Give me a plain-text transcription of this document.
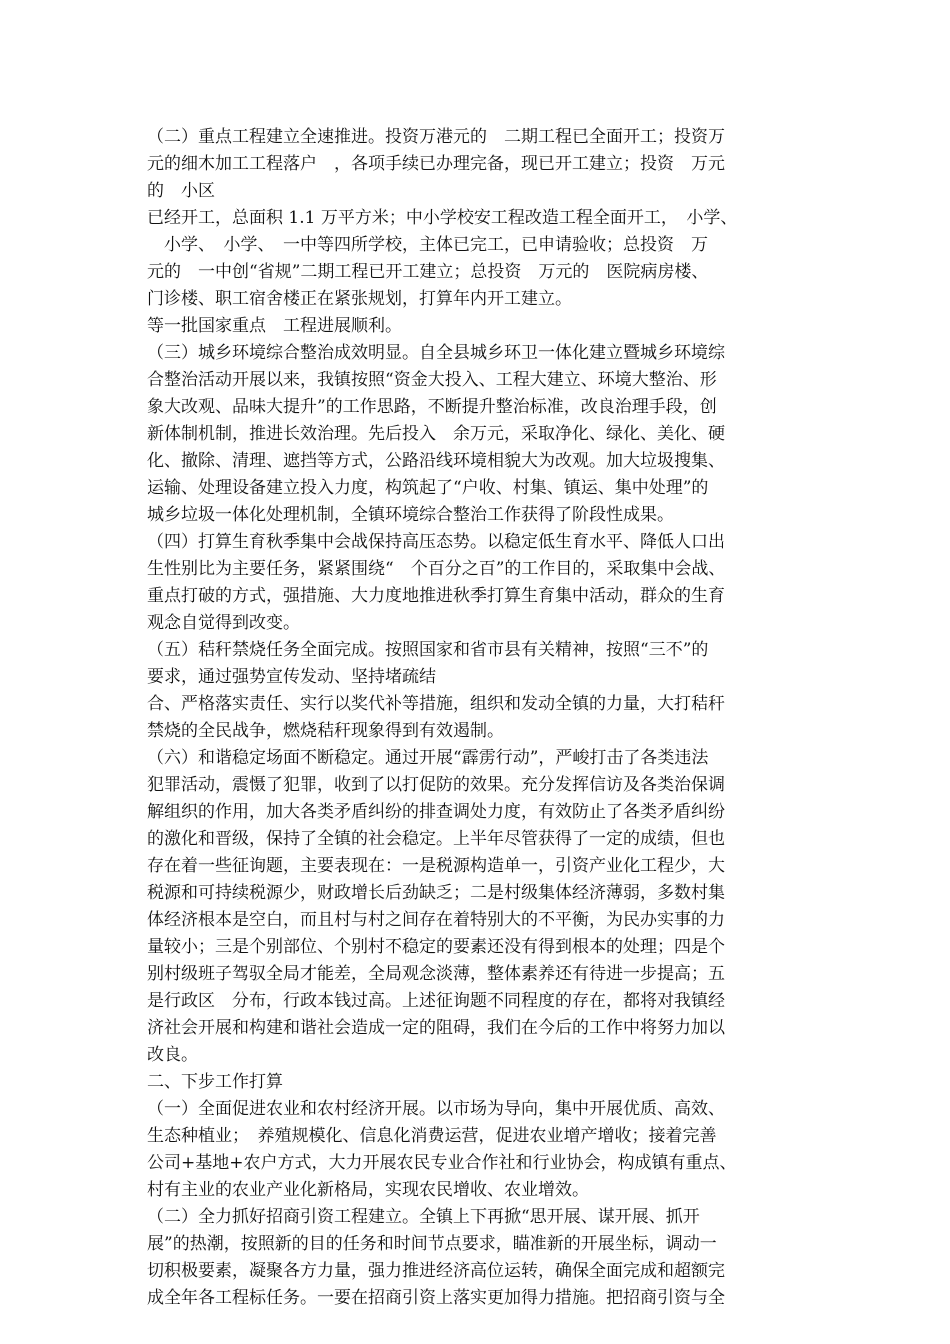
（二）重点工程建立全速推进。投资万港元的　二期工程已全面开工；投资万
元的细木加工工程落户　，各项手续已办理完备，现已开工建立；投资　万元
的　小区
已经开工，总面积 1.1 万平方米；中小学校安工程改造工程全面开工，　小学、
　小学、　小学、　一中等四所学校，主体已完工，已申请验收；总投资　万
元的　一中创“省规”二期工程已开工建立；总投资　万元的　医院病房楼、
门诊楼、职工宿舍楼正在紧张规划，打算年内开工建立。
等一批国家重点　工程进展顺利。
（三）城乡环境综合整治成效明显。自全县城乡环卫一体化建立暨城乡环境综
合整治活动开展以来，我镇按照“资金大投入、工程大建立、环境大整治、形
象大改观、品味大提升”的工作思路，不断提升整治标准，改良治理手段，创
新体制机制，推进长效治理。先后投入　余万元，采取净化、绿化、美化、硬
化、撤除、清理、遮挡等方式，公路沿线环境相貌大为改观。加大垃圾搜集、
运输、处理设备建立投入力度，构筑起了“户收、村集、镇运、集中处理”的
城乡垃圾一体化处理机制，全镇环境综合整治工作获得了阶段性成果。
（四）打算生育秋季集中会战保持高压态势。以稳定低生育水平、降低人口出
生性别比为主要任务，紧紧围绕“　个百分之百”的工作目的，采取集中会战、
重点打破的方式，强措施、大力度地推进秋季打算生育集中活动，群众的生育
观念自觉得到改变。
（五）秸秆禁烧任务全面完成。按照国家和省市县有关精神，按照“三不”的
要求，通过强势宣传发动、坚持堵疏结
合、严格落实责任、实行以奖代补等措施，组织和发动全镇的力量，大打秸秆
禁烧的全民战争，燃烧秸秆现象得到有效遏制。
（六）和谐稳定场面不断稳定。通过开展“霹雳行动”，严峻打击了各类违法
犯罪活动，震慑了犯罪，收到了以打促防的效果。充分发挥信访及各类治保调
解组织的作用，加大各类矛盾纠纷的排查调处力度，有效防止了各类矛盾纠纷
的激化和晋级，保持了全镇的社会稳定。上半年尽管获得了一定的成绩，但也
存在着一些征询题，主要表现在：一是税源构造单一，引资产业化工程少，大
税源和可持续税源少，财政增长后劲缺乏；二是村级集体经济薄弱，多数村集
体经济根本是空白，而且村与村之间存在着特别大的不平衡，为民办实事的力
量较小；三是个别部位、个别村不稳定的要素还没有得到根本的处理；四是个
别村级班子驾驭全局才能差，全局观念淡薄，整体素养还有待进一步提高；五
是行政区　分布，行政本钱过高。上述征询题不同程度的存在，都将对我镇经
济社会开展和构建和谐社会造成一定的阻碍，我们在今后的工作中将努力加以
改良。
二、下步工作打算
（一）全面促进农业和农村经济开展。以市场为导向，集中开展优质、高效、
生态种植业；　养殖规模化、信息化消费运营，促进农业增产增收；接着完善
公司+基地+农户方式，大力开展农民专业合作社和行业协会，构成镇有重点、
村有主业的农业产业化新格局，实现农民增收、农业增效。
（二）全力抓好招商引资工程建立。全镇上下再掀“思开展、谋开展、抓开
展”的热潮，按照新的目的任务和时间节点要求，瞄准新的开展坐标，调动一
切积极要素，凝聚各方力量，强力推进经济高位运转，确保全面完成和超额完
成全年各工程标任务。一要在招商引资上落实更加得力措施。把招商引资与全
